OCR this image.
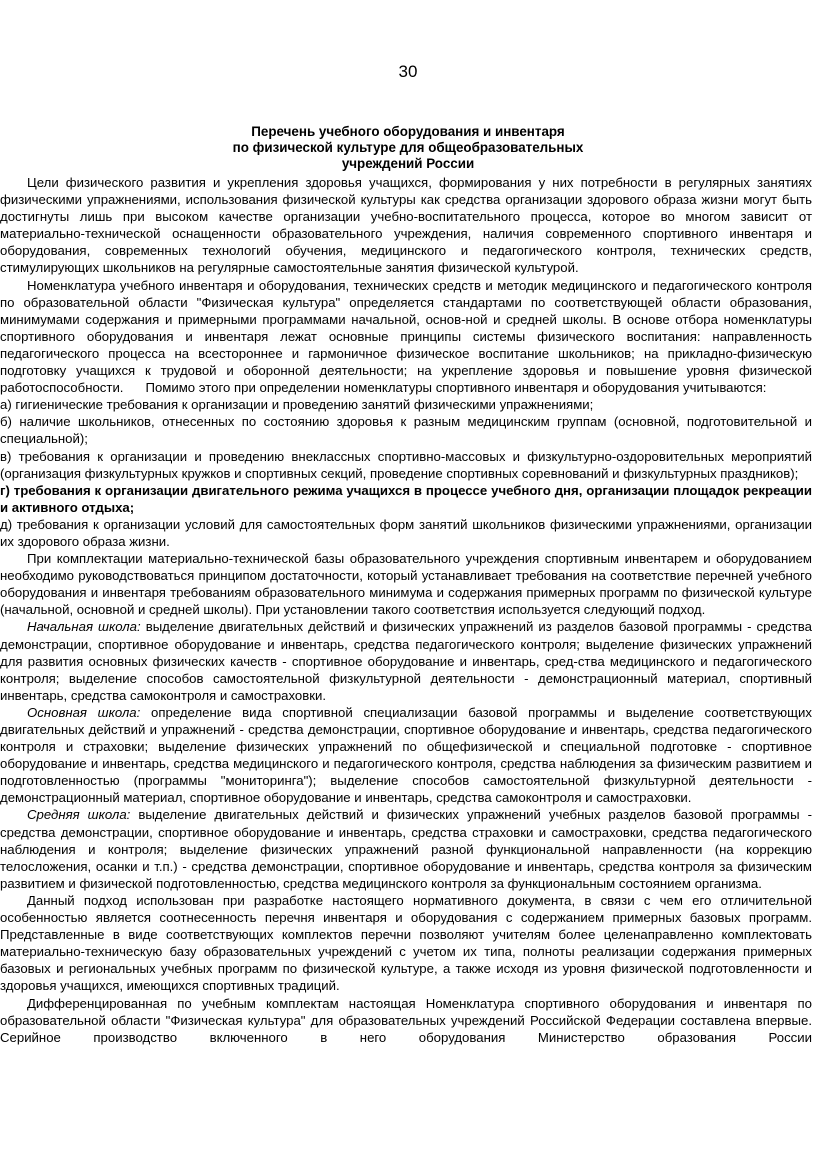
30
Перечень учебного оборудования и инвентаря
по физической культуре для общеобразовательных
учреждений России

Цели физического развития и укрепления здоровья учащихся, формирования у них потребности в регулярных занятиях физическими упражнениями, использования физической культуры как средства организации здорового образа жизни могут быть достигнуты лишь при высоком качестве организации учебно-воспитательного процесса, которое во многом зависит от материально-технической оснащенности образовательного учреждения, наличия современного спортивного инвентаря и оборудования, современных технологий обучения, медицинского и педагогического контроля, технических средств, стимулирующих школьников на регулярные самостоятельные занятия физической культурой.

Номенклатура учебного инвентаря и оборудования, технических средств и методик медицинского и педагогического контроля по образовательной области "Физическая культура" определяется стандартами по соответствующей области образования, минимумами содержания и примерными программами начальной, основ-ной и средней школы. В основе отбора номенклатуры спортивного оборудования и инвентаря лежат основные принципы системы физического воспитания: направленность педагогического процесса на всестороннее и гармоничное физическое воспитание школьников; на прикладно-физическую подготовку учащихся к трудовой и оборонной деятельности; на укрепление здоровья и повышение уровня физической работоспособности. Помимо этого при определении номенклатуры спортивного инвентаря и оборудования учитываются:

а) гигиенические требования к организации и проведению занятий физическими упражнениями;

б) наличие школьников, отнесенных по состоянию здоровья к разным медицинским группам (основной, подготовительной и специальной);

в) требования к организации и проведению внеклассных спортивно-массовых и физкультурно-оздоровительных мероприятий (организация физкультурных кружков и спортивных секций, проведение спортивных соревнований и физкультурных праздников);

г) требования к организации двигательного режима учащихся в процессе учебного дня, организации площадок рекреации и активного отдыха;

д) требования к организации условий для самостоятельных форм занятий школьников физическими упражнениями, организации их здорового образа жизни.

При комплектации материально-технической базы образовательного учреждения спортивным инвентарем и оборудованием необходимо руководствоваться принципом достаточности, который устанавливает требования на соответствие перечней учебного оборудования и инвентаря требованиям образовательного минимума и содержания примерных программ по физической культуре (начальной, основной и средней школы). При установлении такого соответствия используется следующий подход.

Начальная школа: выделение двигательных действий и физических упражнений из разделов базовой программы - средства демонстрации, спортивное оборудование и инвентарь, средства педагогического контроля; выделение физических упражнений для развития основных физических качеств - спортивное оборудование и инвентарь, сред-ства медицинского и педагогического контроля; выделение способов самостоятельной физкультурной деятельности - демонстрационный материал, спортивный инвентарь, средства самоконтроля и самостраховки.

Основная школа: определение вида спортивной специализации базовой программы и выделение соответствующих двигательных действий и упражнений - средства демонстрации, спортивное оборудование и инвентарь, средства педагогического контроля и страховки; выделение физических упражнений по общефизической и специальной подготовке - спортивное оборудование и инвентарь, средства медицинского и педагогического контроля, средства наблюдения за физическим развитием и подготовленностью (программы "мониторинга"); выделение способов самостоятельной физкультурной деятельности - демонстрационный материал, спортивное оборудование и инвентарь, средства самоконтроля и самостраховки.

Средняя школа: выделение двигательных действий и физических упражнений учебных разделов базовой программы - средства демонстрации, спортивное оборудование и инвентарь, средства страховки и самостраховки, средства педагогического наблюдения и контроля; выделение физических упражнений разной функциональной направленности (на коррекцию телосложения, осанки и т.п.) - средства демонстрации, спортивное оборудование и инвентарь, средства контроля за физическим развитием и физической подготовленностью, средства медицинского контроля за функциональным состоянием организма.

Данный подход использован при разработке настоящего нормативного документа, в связи с чем его отличительной особенностью является соотнесенность перечня инвентаря и оборудования с содержанием примерных базовых программ. Представленные в виде соответствующих комплектов перечни позволяют учителям более целенаправленно комплектовать материально-техническую базу образовательных учреждений с учетом их типа, полноты реализации содержания примерных базовых и региональных учебных программ по физической культуре, а также исходя из уровня физической подготовленности и здоровья учащихся, имеющихся спортивных традиций.

Дифференцированная по учебным комплектам настоящая Номенклатура спортивного оборудования и инвентаря по образовательной области "Физическая культура" для образовательных учреждений Российской Федерации составлена впервые. Серийное производство включенного в него оборудования Министерство образования России
